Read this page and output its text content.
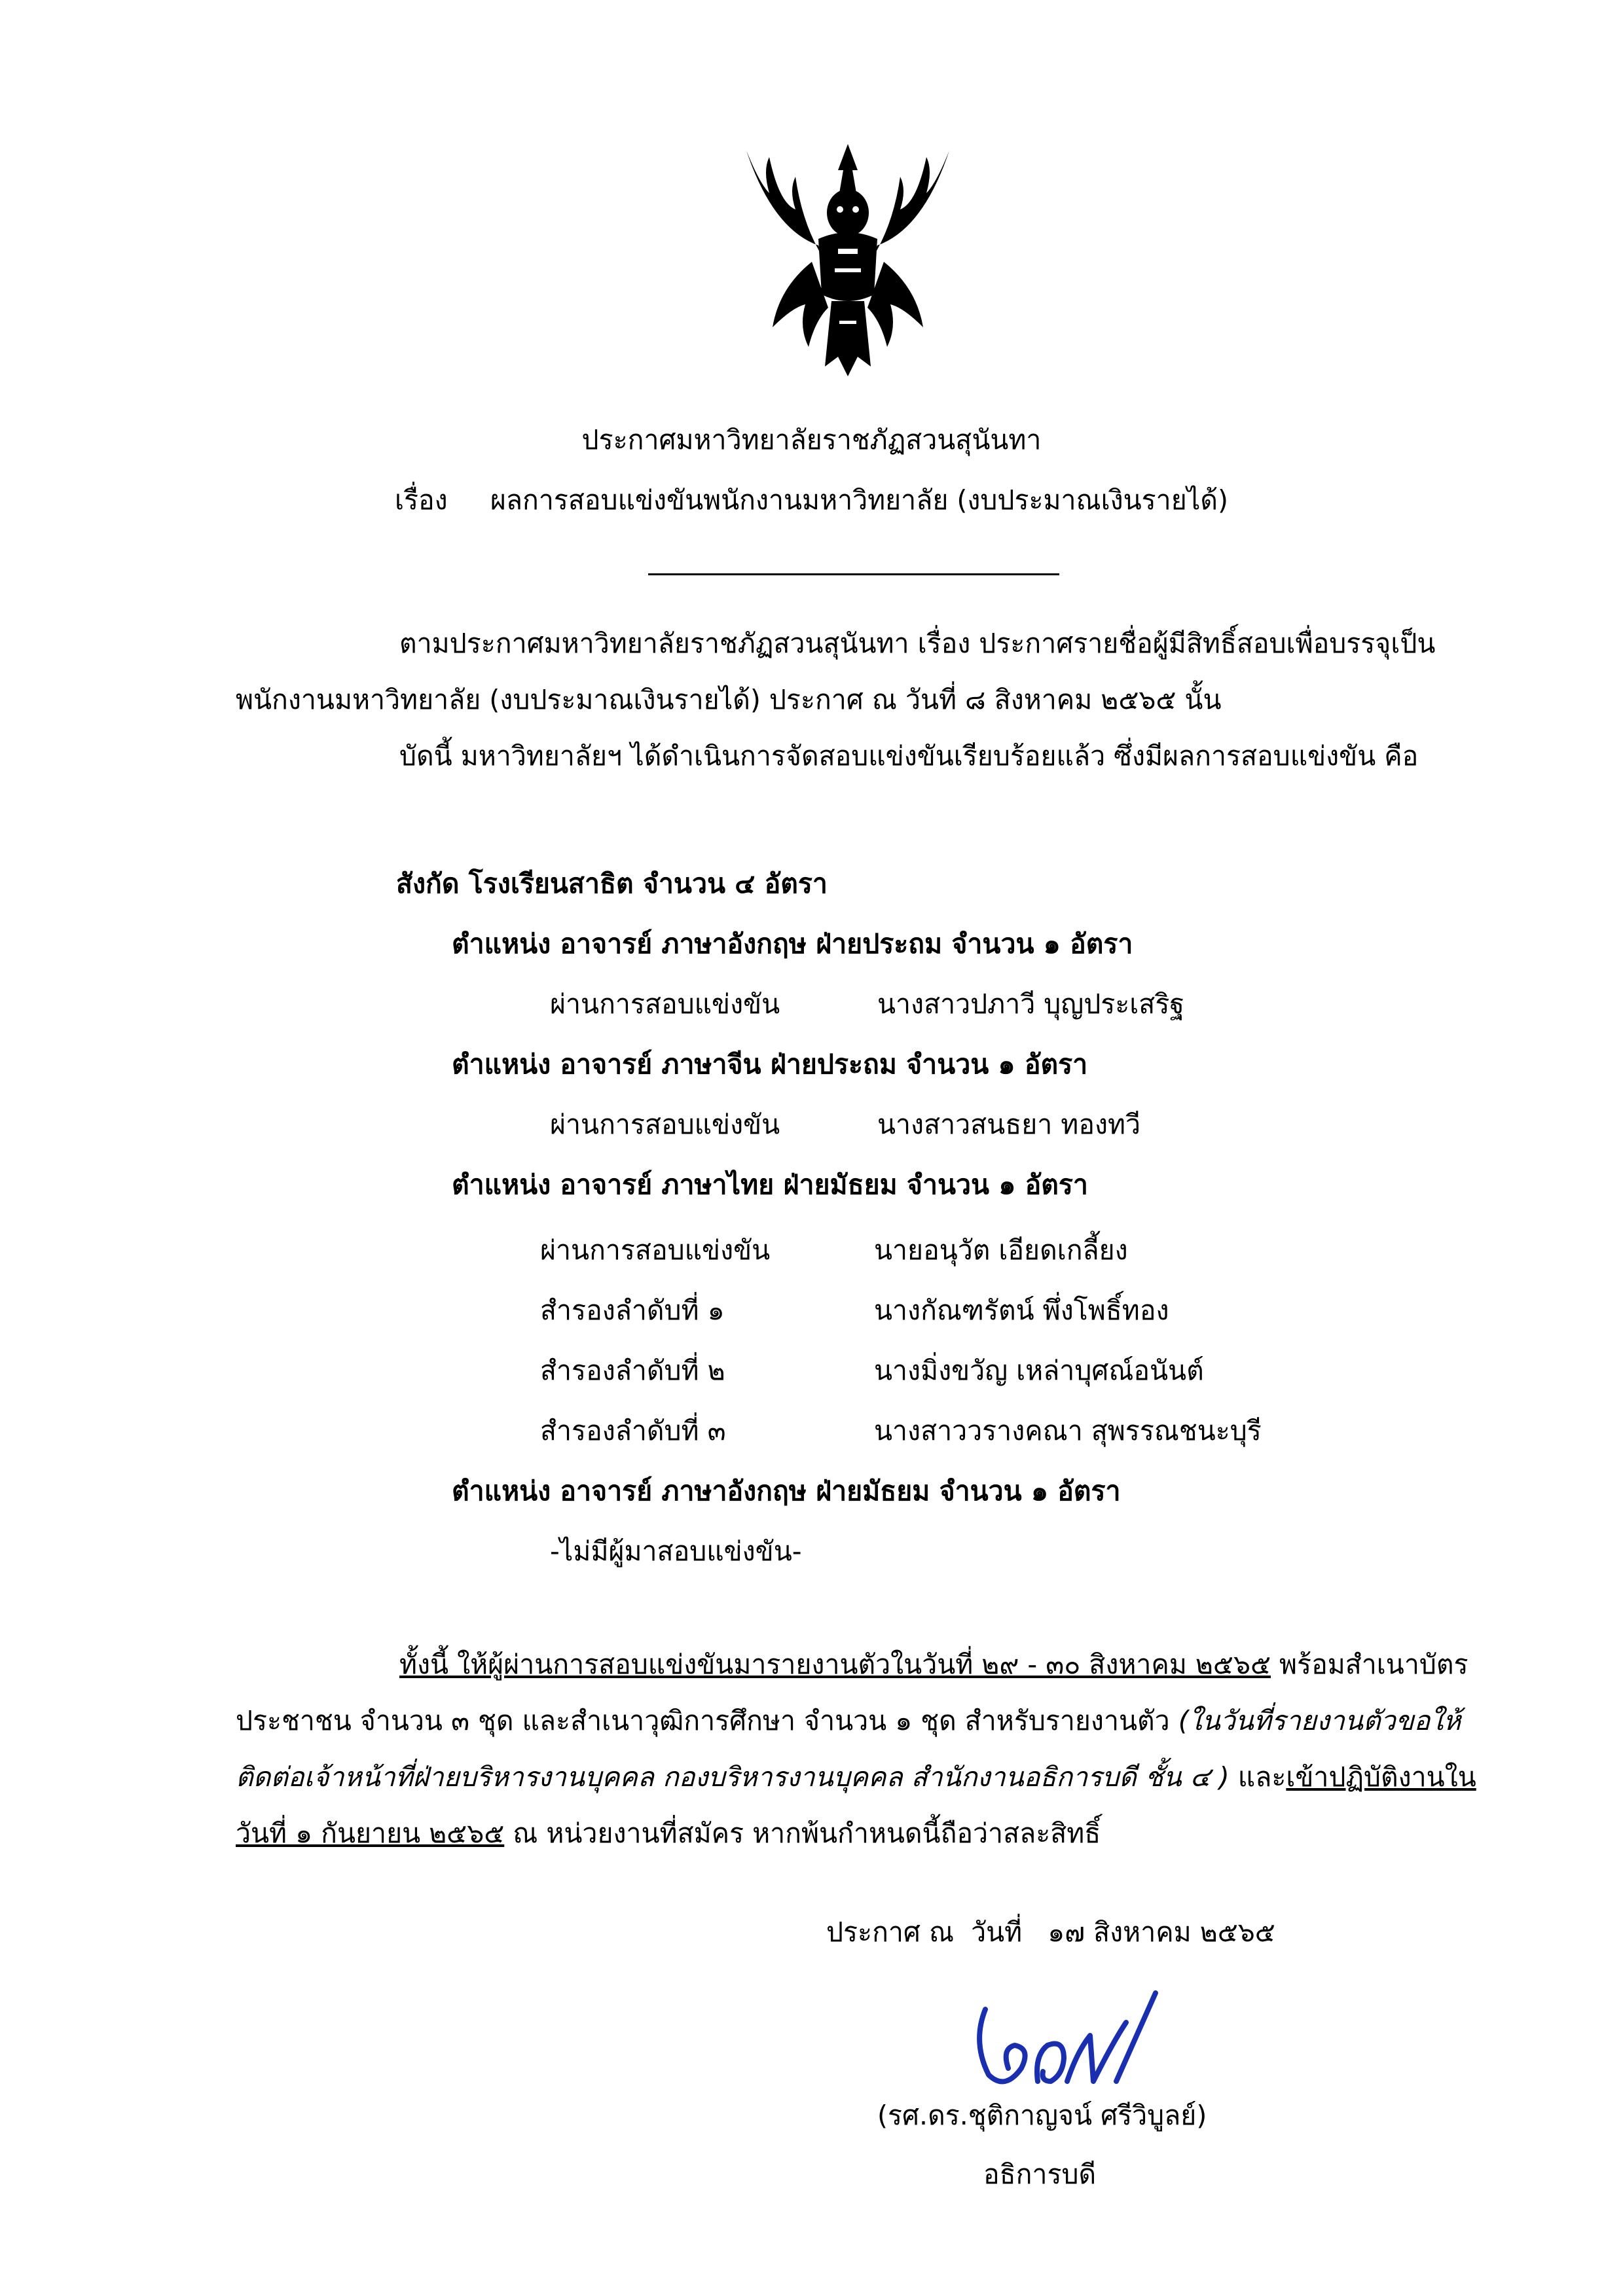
ประกาศมหาวิทยาลัยราชภัฏสวนสุนันทา
เรื่อง ผลการสอบแข่งขันพนักงานมหาวิทยาลัย (งบประมาณเงินรายได้)
ตามประกาศมหาวิทยาลัยราชภัฏสวนสุนันทา เรื่อง ประกาศรายชื่อผู้มีสิทธิ์สอบเพื่อบรรจุเป็น
พนักงานมหาวิทยาลัย (งบประมาณเงินรายได้) ประกาศ ณ วันที่ ๘ สิงหาคม ๒๕๖๕ นั้น
บัดนี้ มหาวิทยาลัยฯ ได้ดำเนินการจัดสอบแข่งขันเรียบร้อยแล้ว ซึ่งมีผลการสอบแข่งขัน คือ
สังกัด โรงเรียนสาธิต จำนวน ๔ อัตรา
ตำแหน่ง อาจารย์ ภาษาอังกฤษ ฝ่ายประถม จำนวน ๑ อัตรา
ผ่านการสอบแข่งขัน	นางสาวปภาวี บุญประเสริฐ
ตำแหน่ง อาจารย์ ภาษาจีน ฝ่ายประถม จำนวน ๑ อัตรา
ผ่านการสอบแข่งขัน	นางสาวสนธยา ทองทวี
ตำแหน่ง อาจารย์ ภาษาไทย ฝ่ายมัธยม จำนวน ๑ อัตรา
ผ่านการสอบแข่งขัน	นายอนุวัต เอียดเกลี้ยง
สำรองลำดับที่ ๑	นางกัณฑรัตน์ พึ่งโพธิ์ทอง
สำรองลำดับที่ ๒	นางมิ่งขวัญ เหล่าบุศณ์อนันต์
สำรองลำดับที่ ๓	นางสาววรางคณา สุพรรณชนะบุรี
ตำแหน่ง อาจารย์ ภาษาอังกฤษ ฝ่ายมัธยม จำนวน ๑ อัตรา
-ไม่มีผู้มาสอบแข่งขัน-
ทั้งนี้ ให้ผู้ผ่านการสอบแข่งขันมารายงานตัวในวันที่ ๒๙ - ๓๐ สิงหาคม ๒๕๖๕ พร้อมสำเนาบัตร
ประชาชน จำนวน ๓ ชุด และสำเนาวุฒิการศึกษา จำนวน ๑ ชุด สำหรับรายงานตัว (ในวันที่รายงานตัวขอให้
ติดต่อเจ้าหน้าที่ฝ่ายบริหารงานบุคคล กองบริหารงานบุคคล สำนักงานอธิการบดี ชั้น ๔ ) และเข้าปฏิบัติงานใน
วันที่ ๑ กันยายน ๒๕๖๕ ณ หน่วยงานที่สมัคร หากพ้นกำหนดนี้ถือว่าสละสิทธิ์
ประกาศ ณ  วันที่   ๑๗ สิงหาคม ๒๕๖๕
(รศ.ดร.ชุติกาญจน์ ศรีวิบูลย์)
อธิการบดี
